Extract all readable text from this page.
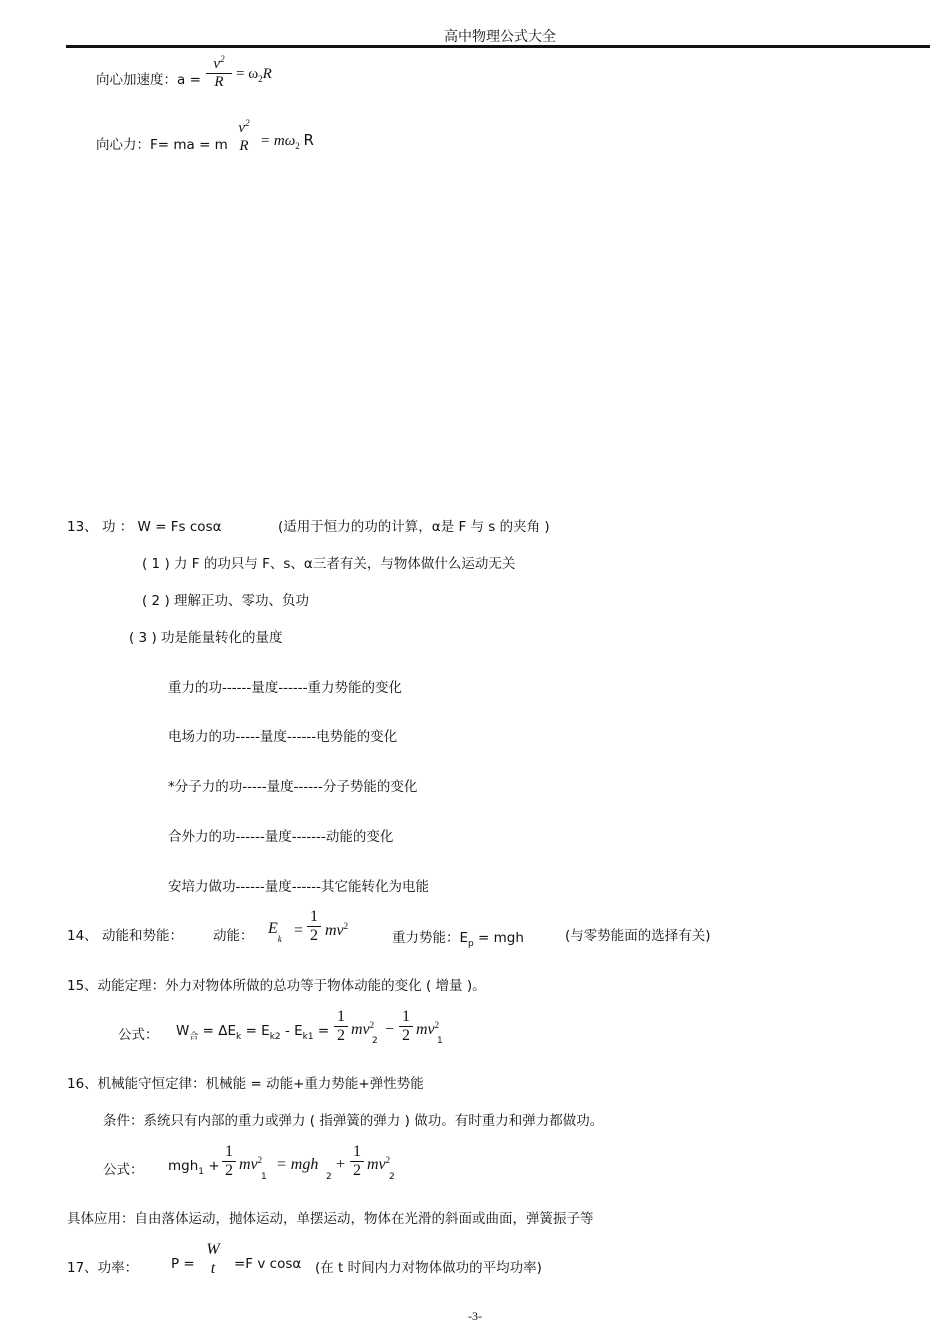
高中物理公式大全
向心加速度：a =
$v^2$
$R = \omega_2R$
向心力：F= ma = m
$v^2$
$R = m\omega_2$ R
13、 功 ： W = Fs cosα	(适用于恒力的功的计算，α是 F 与 s 的夹角 )
( 1 ) 力 F 的功只与 F、s、α三者有关，与物体做什么运动无关
( 2 ) 理解正功、零功、负功
( 3 ) 功是能量转化的量度
重力的功------量度------重力势能的变化
电场力的功-----量度------电势能的变化
*分子力的功-----量度------分子势能的变化
合外力的功------量度-------动能的变化
安培力做功------量度------其它能转化为电能
14、 动能和势能： 动能： $E_k$ =
1
2 $mv^2$
重力势能：$E_p$ = mgh	(与零势能面的选择有关)
15、动能定理：外力对物体所做的总功等于物体动能的变化 ( 增量 )。
公式： $W_合 = \Delta E_k = E_{k2} - E_{k1}$ =
1
2 $mv^2$
2
−
1
2 $mv^2$
1
16、机械能守恒定律：机械能 = 动能+重力势能+弹性势能
条件：系统只有内部的重力或弹力 ( 指弹簧的弹力 ) 做功。有时重力和弹力都做功。
公式： mgh$_1$ +
1
2 $mv^2$
1
= mgh
2
+
1
2 $mv^2$
2
具体应用：自由落体运动，抛体运动，单摆运动，物体在光滑的斜面或曲面，弹簧振子等
17、功率： P =
W
t	=F v cosα (在 t 时间内力对物体做功的平均功率)
-3-
